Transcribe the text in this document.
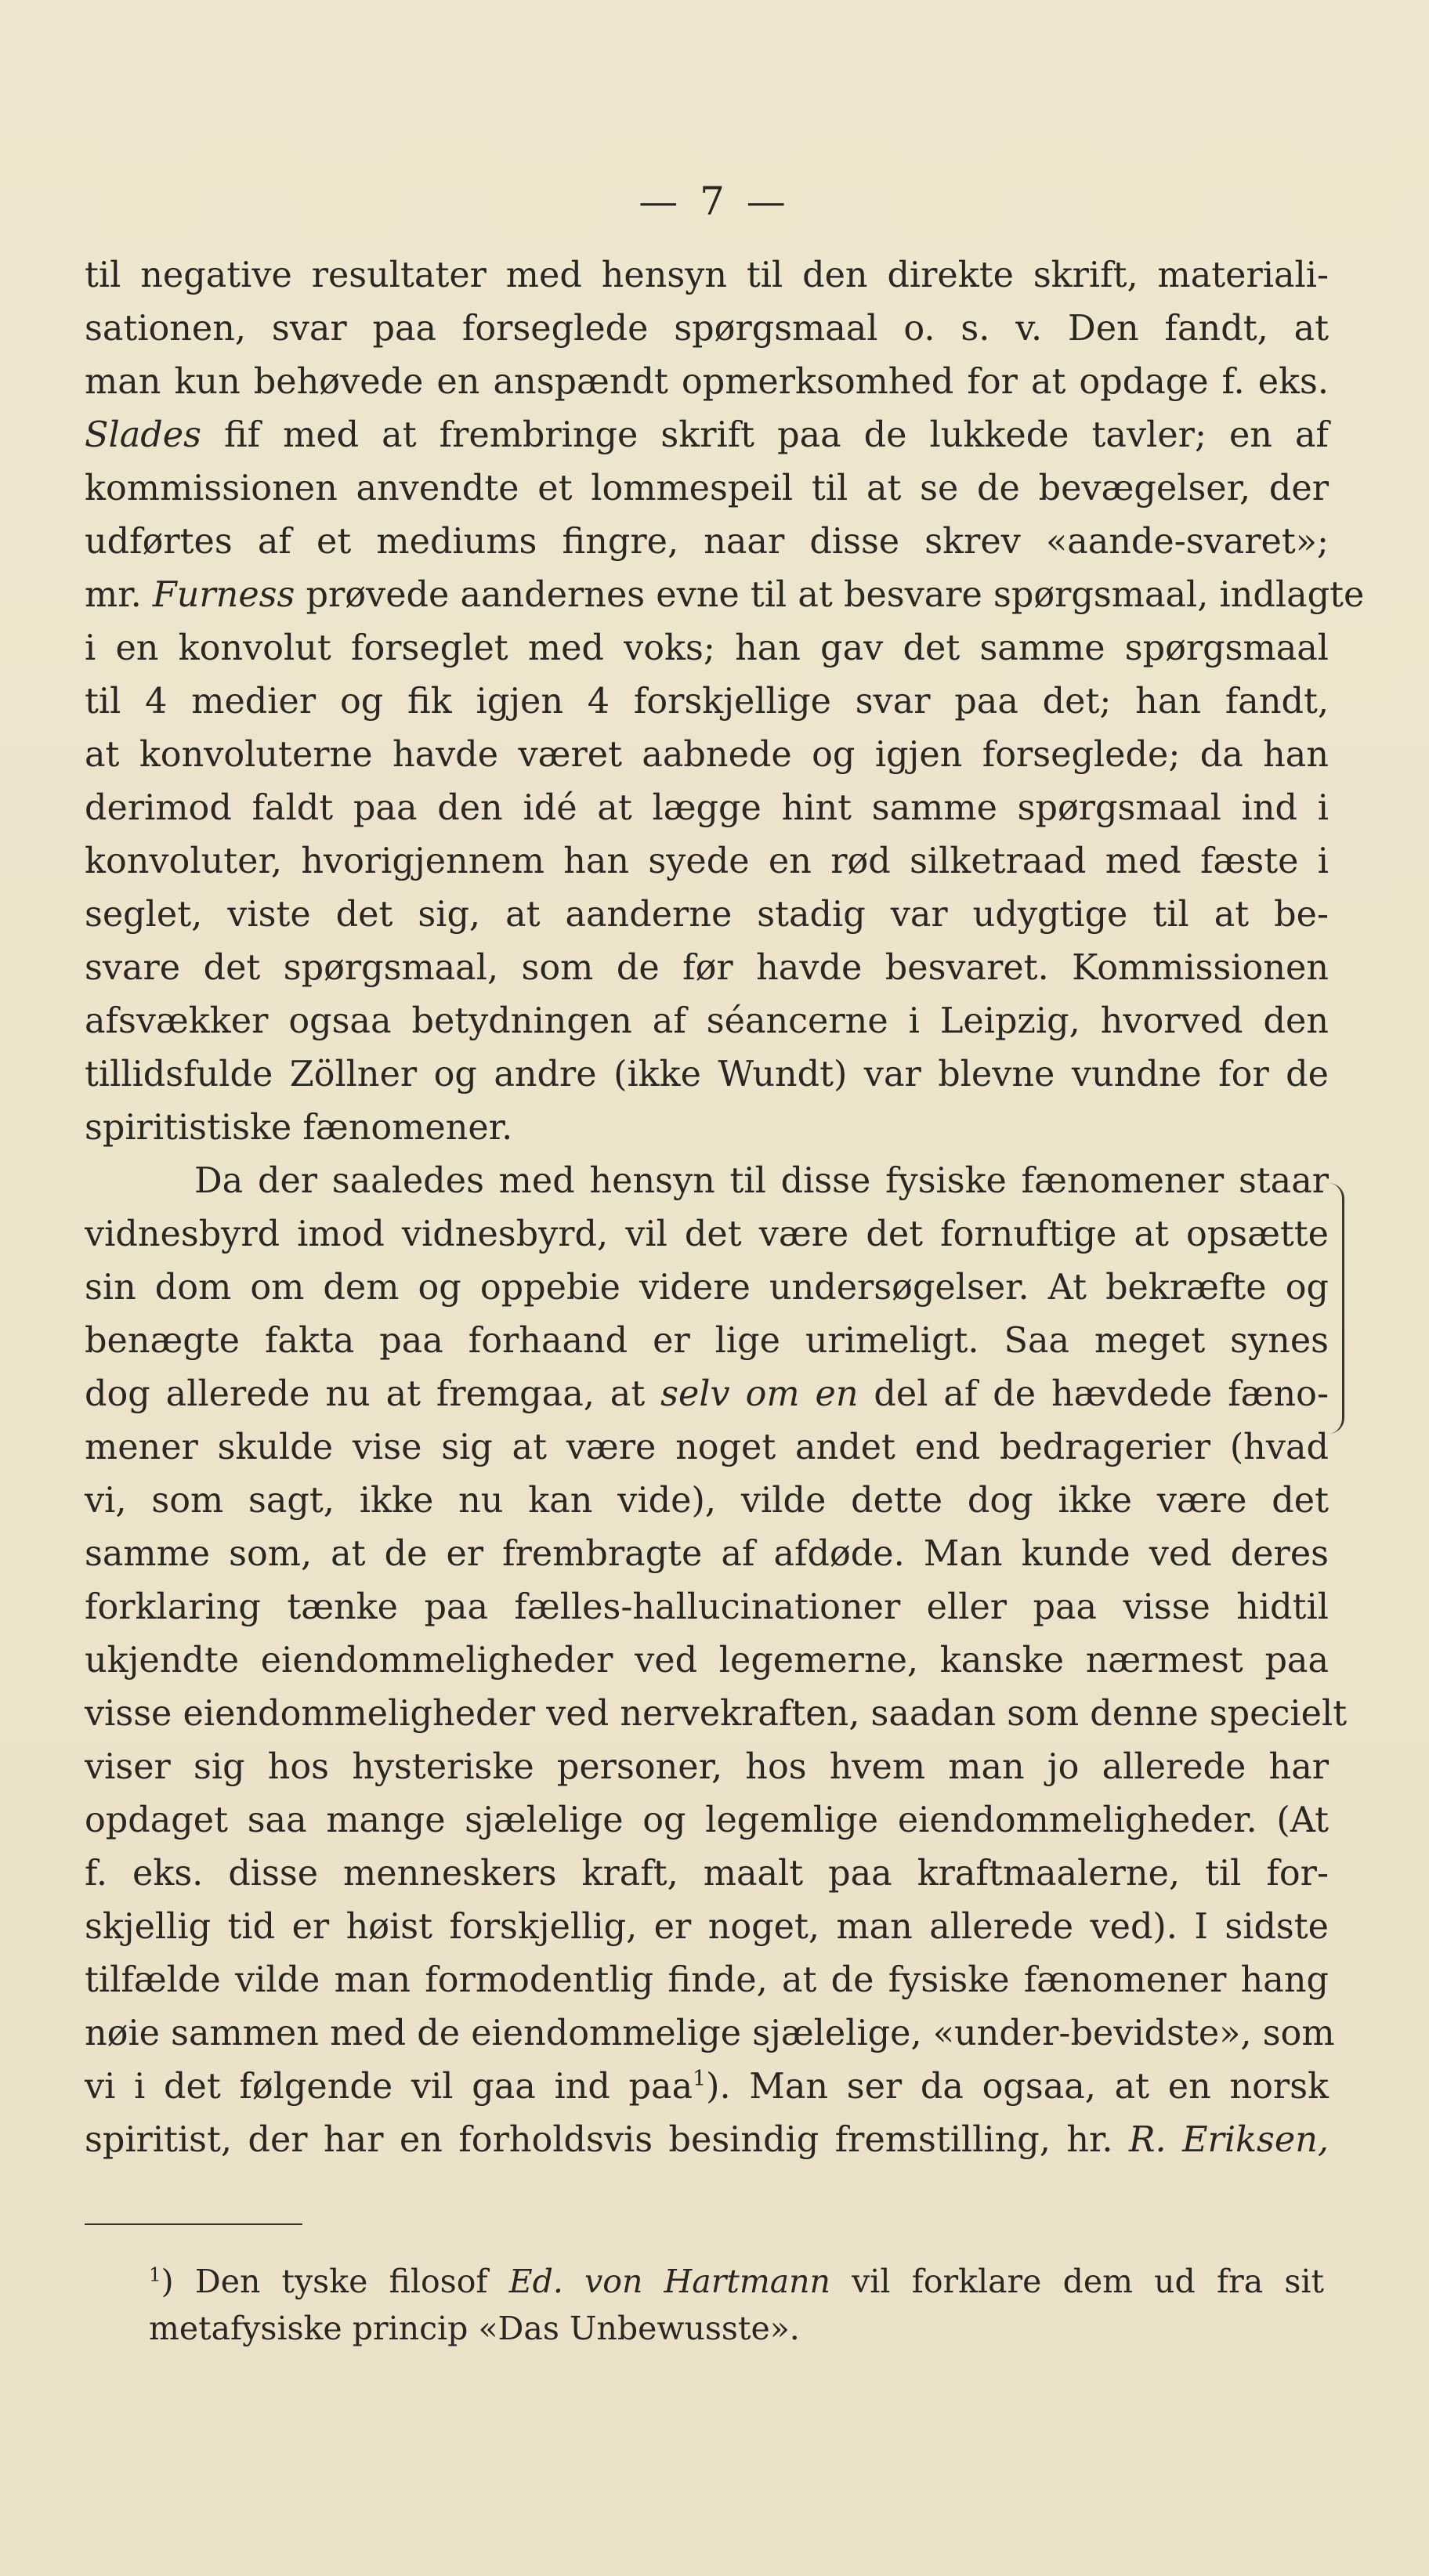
— 7 —

til negative resultater med hensyn til den direkte skrift, materiali-
sationen, svar paa forseglede spørgsmaal o. s. v. Den fandt, at
man kun behøvede en anspændt opmerksomhed for at opdage f. eks.
Slades fif med at frembringe skrift paa de lukkede tavler; en af
kommissionen anvendte et lommespeil til at se de bevægelser, der
udførtes af et mediums fingre, naar disse skrev «aande-svaret»;
mr. Furness prøvede aandernes evne til at besvare spørgsmaal, indlagte
i en konvolut forseglet med voks; han gav det samme spørgsmaal
til 4 medier og fik igjen 4 forskjellige svar paa det; han fandt,
at konvoluterne havde været aabnede og igjen forseglede; da han
derimod faldt paa den idé at lægge hint samme spørgsmaal ind i
konvoluter, hvorigjennem han syede en rød silketraad med fæste i
seglet, viste det sig, at aanderne stadig var udygtige til at be-
svare det spørgsmaal, som de før havde besvaret. Kommissionen
afsvækker ogsaa betydningen af séancerne i Leipzig, hvorved den
tillidsfulde Zöllner og andre (ikke Wundt) var blevne vundne for de
spiritistiske fænomener.

Da der saaledes med hensyn til disse fysiske fænomener staar
vidnesbyrd imod vidnesbyrd, vil det være det fornuftige at opsætte
sin dom om dem og oppebie videre undersøgelser. At bekræfte og
benægte fakta paa forhaand er lige urimeligt. Saa meget synes
dog allerede nu at fremgaa, at selv om en del af de hævdede fæno-
mener skulde vise sig at være noget andet end bedragerier (hvad
vi, som sagt, ikke nu kan vide), vilde dette dog ikke være det
samme som, at de er frembragte af afdøde. Man kunde ved deres
forklaring tænke paa fælles-hallucinationer eller paa visse hidtil
ukjendte eiendommeligheder ved legemerne, kanske nærmest paa
visse eiendommeligheder ved nervekraften, saadan som denne specielt
viser sig hos hysteriske personer, hos hvem man jo allerede har
opdaget saa mange sjælelige og legemlige eiendommeligheder. (At
f. eks. disse menneskers kraft, maalt paa kraftmaalerne, til for-
skjellig tid er høist forskjellig, er noget, man allerede ved). I sidste
tilfælde vilde man formodentlig finde, at de fysiske fænomener hang
nøie sammen med de eiendommelige sjælelige, «under-bevidste», som
vi i det følgende vil gaa ind paa$^1$). Man ser da ogsaa, at en norsk
spiritist, der har en forholdsvis besindig fremstilling, hr. R. Eriksen,

$^1$) Den tyske filosof Ed. von Hartmann vil forklare dem ud fra sit
metafysiske princip «Das Unbewusste».
